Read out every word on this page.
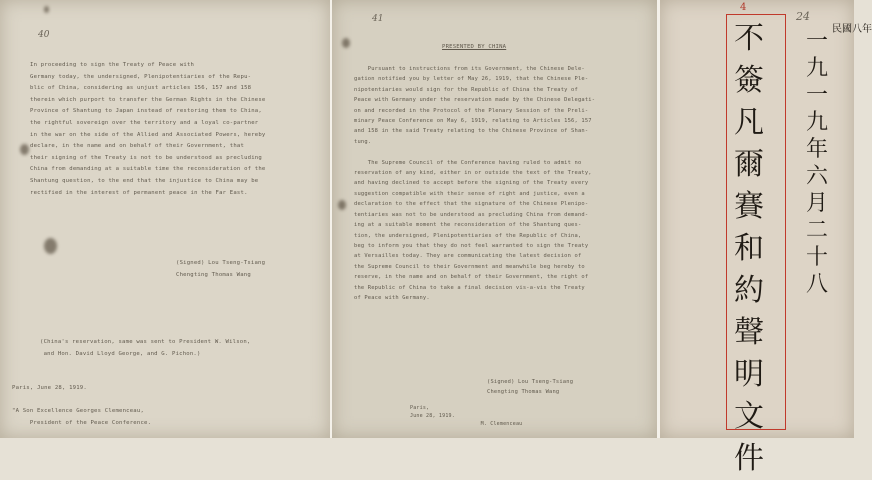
40
In proceeding to sign the Treaty of Peace with
Germany today, the undersigned, Plenipotentiaries of the Repu-
blic of China, considering as unjust articles 156, 157 and 158
therein which purport to transfer the German Rights in the Chinese
Province of Shantung to Japan instead of restoring them to China,
the rightful sovereign over the territory and a loyal co-partner
in the war on the side of the Allied and Associated Powers, hereby
declare, in the name and on behalf of their Government, that
their signing of the Treaty is not to be understood as precluding
China from demanding at a suitable time the reconsideration of the
Shantung question, to the end that the injustice to China may be
rectified in the interest of permanent peace in the Far East.
(Signed) Lou Tseng-Tsiang
Chengting Thomas Wang
(China's reservation, same was sent to President W. Wilson,
and Hon. David Lloyd George, and G. Pichon.)
Paris, June 28, 1919.

"A Son Excellence Georges Clemenceau,
President of the Peace Conference.
41
PRESENTED BY CHINA
Pursuant to instructions from its Government, the Chinese Dele-
gation notified you by letter of May 26, 1919, that the Chinese Ple-
nipotentiaries would sign for the Republic of China the Treaty of
Peace with Germany under the reservation made by the Chinese Delegati-
on and recorded in the Protocol of the Plenary Session of the Preli-
minary Peace Conference on May 6, 1919, relating to Articles 156, 157
and 158 in the said Treaty relating to the Chinese Province of Shan-
tung.

The Supreme Council of the Conference having ruled to admit no
reservation of any kind, either in or outside the text of the Treaty,
and having declined to accept before the signing of the Treaty every
suggestion compatible with their sense of right and justice, even a
declaration to the effect that the signature of the Chinese Plenipo-
tentiaries was not to be understood as precluding China from demand-
ing at a suitable moment the reconsideration of the Shantung ques-
tion, the undersigned, Plenipotentiaries of the Republic of China,
beg to inform you that they do not feel warranted to sign the Treaty
at Versailles today. They are communicating the latest decision of
the Supreme Council to their Government and meanwhile beg hereby to
reserve, in the name and on behalf of their Government, the right of
the Republic of China to take a final decision vis-a-vis the Treaty
of Peace with Germany.
(Signed) Lou Tseng-Tsiang
Chengting Thomas Wang
Paris,
June 28, 1919.
M. Clemenceau
4
24
不
簽
凡
爾
賽
和
約
聲
明
文
件
一
九
一
九
年
六
月
二
十
八
民國八年
